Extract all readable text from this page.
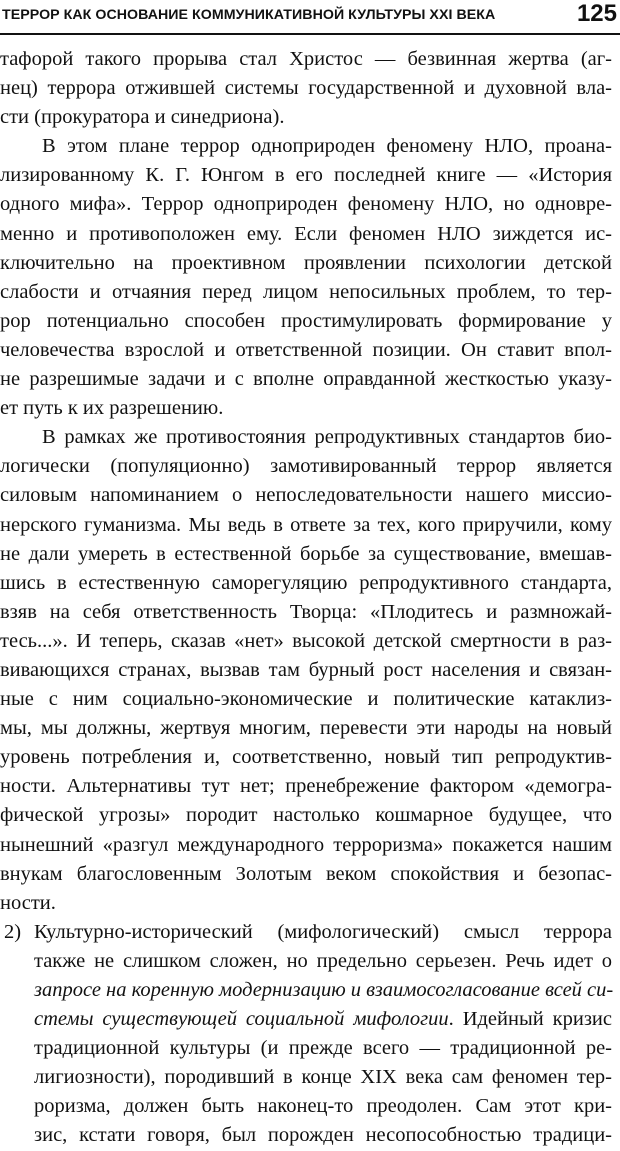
ТЕРРОР КАК ОСНОВАНИЕ КОММУНИКАТИВНОЙ КУЛЬТУРЫ XXI ВЕКА	125
тафорой такого прорыва стал Христос — безвинная жертва (аг-
нец) террора отжившей системы государственной и духовной вла-
сти (прокуратора и синедриона).
В этом плане террор одноприроден феномену НЛО, проана-
лизированному К. Г. Юнгом в его последней книге — «История
одного мифа». Террор одноприроден феномену НЛО, но одновре-
менно и противоположен ему. Если феномен НЛО зиждется ис-
ключительно на проективном проявлении психологии детской
слабости и отчаяния перед лицом непосильных проблем, то тер-
рор потенциально способен простимулировать формирование у
человечества взрослой и ответственной позиции. Он ставит впол-
не разрешимые задачи и с вполне оправданной жесткостью указу-
ет путь к их разрешению.
В рамках же противостояния репродуктивных стандартов био-
логически (популяционно) замотивированный террор является
силовым напоминанием о непоследовательности нашего миссио-
нерского гуманизма. Мы ведь в ответе за тех, кого приручили, кому
не дали умереть в естественной борьбе за существование, вмешав-
шись в естественную саморегуляцию репродуктивного стандарта,
взяв на себя ответственность Творца: «Плодитесь и размножай-
тесь...». И теперь, сказав «нет» высокой детской смертности в раз-
вивающихся странах, вызвав там бурный рост населения и связан-
ные с ним социально-экономические и политические катаклиз-
мы, мы должны, жертвуя многим, перевести эти народы на новый
уровень потребления и, соответственно, новый тип репродуктив-
ности. Альтернативы тут нет; пренебрежение фактором «демогра-
фической угрозы» породит настолько кошмарное будущее, что
нынешний «разгул международного терроризма» покажется нашим
внукам благословенным Золотым веком спокойствия и безопас-
ности.
2) Культурно-исторический (мифологический) смысл террора
также не слишком сложен, но предельно серьезен. Речь идет о
запросе на коренную модернизацию и взаимосогласование всей си-
стемы существующей социальной мифологии. Идейный кризис
традиционной культуры (и прежде всего — традиционной ре-
лигиозности), породивший в конце XIX века сам феномен тер-
роризма, должен быть наконец-то преодолен. Сам этот кри-
зис, кстати говоря, был порожден несопособностью традици-
